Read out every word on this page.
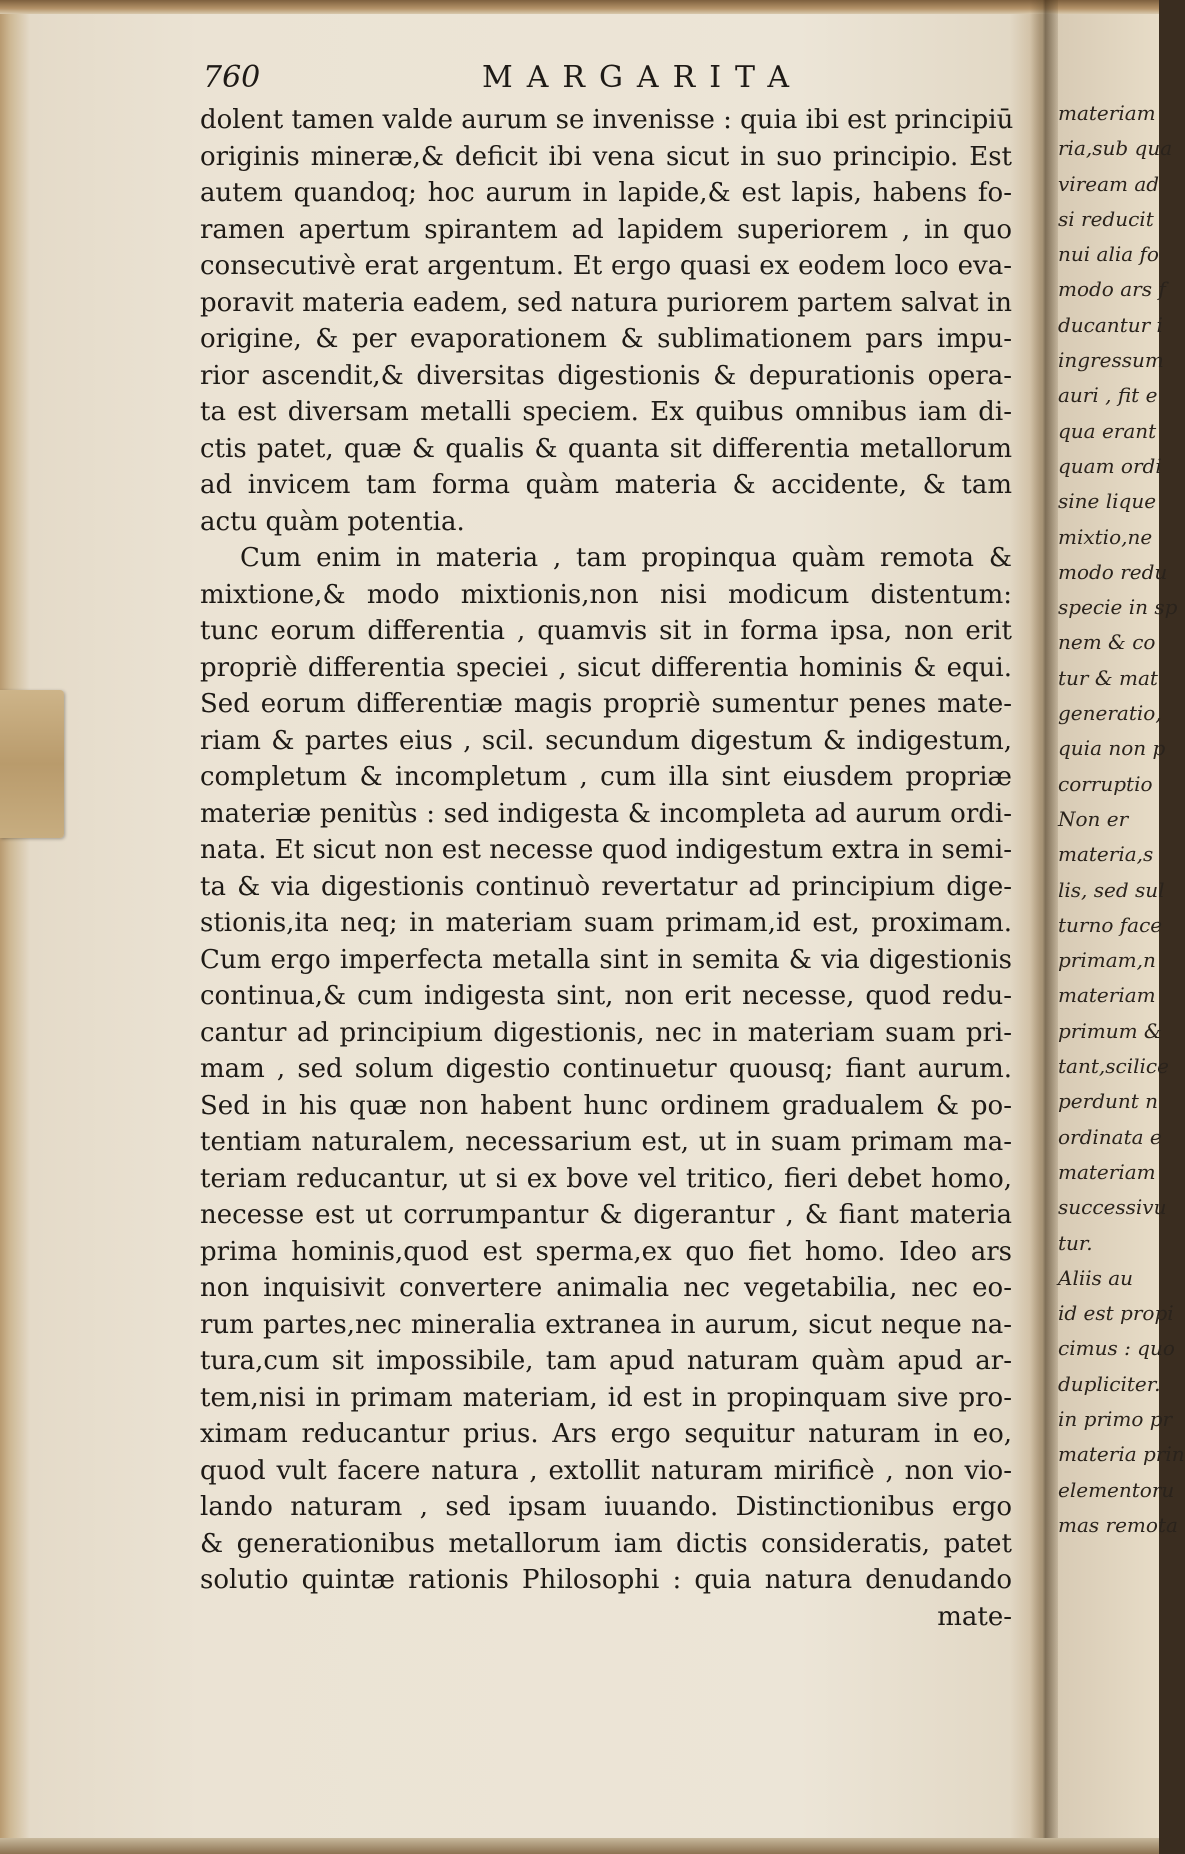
760	MARGARITA
dolent tamen valde aurum se invenisse : quia ibi est principiū
originis mineræ,& deficit ibi vena sicut in suo principio. Est
autem quandoq; hoc aurum in lapide,& est lapis, habens fo-
ramen apertum spirantem ad lapidem superiorem , in quo
consecutivè erat argentum. Et ergo quasi ex eodem loco eva-
poravit materia eadem, sed natura puriorem partem salvat in
origine, & per evaporationem & sublimationem pars impu-
rior ascendit,& diversitas digestionis & depurationis opera-
ta est diversam metalli speciem. Ex quibus omnibus iam di-
ctis patet, quæ & qualis & quanta sit differentia metallorum
ad invicem tam forma quàm materia & accidente, & tam
actu quàm potentia.
Cum enim in materia , tam propinqua quàm remota &
mixtione,& modo mixtionis,non nisi modicum distentum:
tunc eorum differentia , quamvis sit in forma ipsa, non erit
propriè differentia speciei , sicut differentia hominis & equi.
Sed eorum differentiæ magis propriè sumentur penes mate-
riam & partes eius , scil. secundum digestum & indigestum,
completum & incompletum , cum illa sint eiusdem propriæ
materiæ penitùs : sed indigesta & incompleta ad aurum ordi-
nata. Et sicut non est necesse quod indigestum extra in semi-
ta & via digestionis continuò revertatur ad principium dige-
stionis,ita neq; in materiam suam primam,id est, proximam.
Cum ergo imperfecta metalla sint in semita & via digestionis
continua,& cum indigesta sint, non erit necesse, quod redu-
cantur ad principium digestionis, nec in materiam suam pri-
mam , sed solum digestio continuetur quousq; fiant aurum.
Sed in his quæ non habent hunc ordinem gradualem & po-
tentiam naturalem, necessarium est, ut in suam primam ma-
teriam reducantur, ut si ex bove vel tritico, fieri debet homo,
necesse est ut corrumpantur & digerantur , & fiant materia
prima hominis,quod est sperma,ex quo fiet homo. Ideo ars
non inquisivit convertere animalia nec vegetabilia, nec eo-
rum partes,nec mineralia extranea in aurum, sicut neque na-
tura,cum sit impossibile, tam apud naturam quàm apud ar-
tem,nisi in primam materiam, id est in propinquam sive pro-
ximam reducantur prius. Ars ergo sequitur naturam in eo,
quod vult facere natura , extollit naturam mirificè , non vio-
lando naturam , sed ipsam iuuando. Distinctionibus ergo
& generationibus metallorum iam dictis consideratis, patet
solutio quintæ rationis Philosophi : quia natura denudando
mate-
materiam
ria,sub qua
viream ad
si reducit
nui alia fo
modo ars f
ducantur i
ingressum
auri , fit e
qua erant
quam ordi
sine lique
mixtio,ne
modo redu
specie in sp
nem & co
tur & mat
generatio,
quia non p
corruptio
Non er
materia,s
lis, sed sul
turno face
primam,n
materiam
primum &
tant,scilice
perdunt n
ordinata e
materiam
successivu
tur.
Aliis au
id est propi
cimus : quo
dupliciter.
in primo pr
materia prin
elementoru
mas remota
